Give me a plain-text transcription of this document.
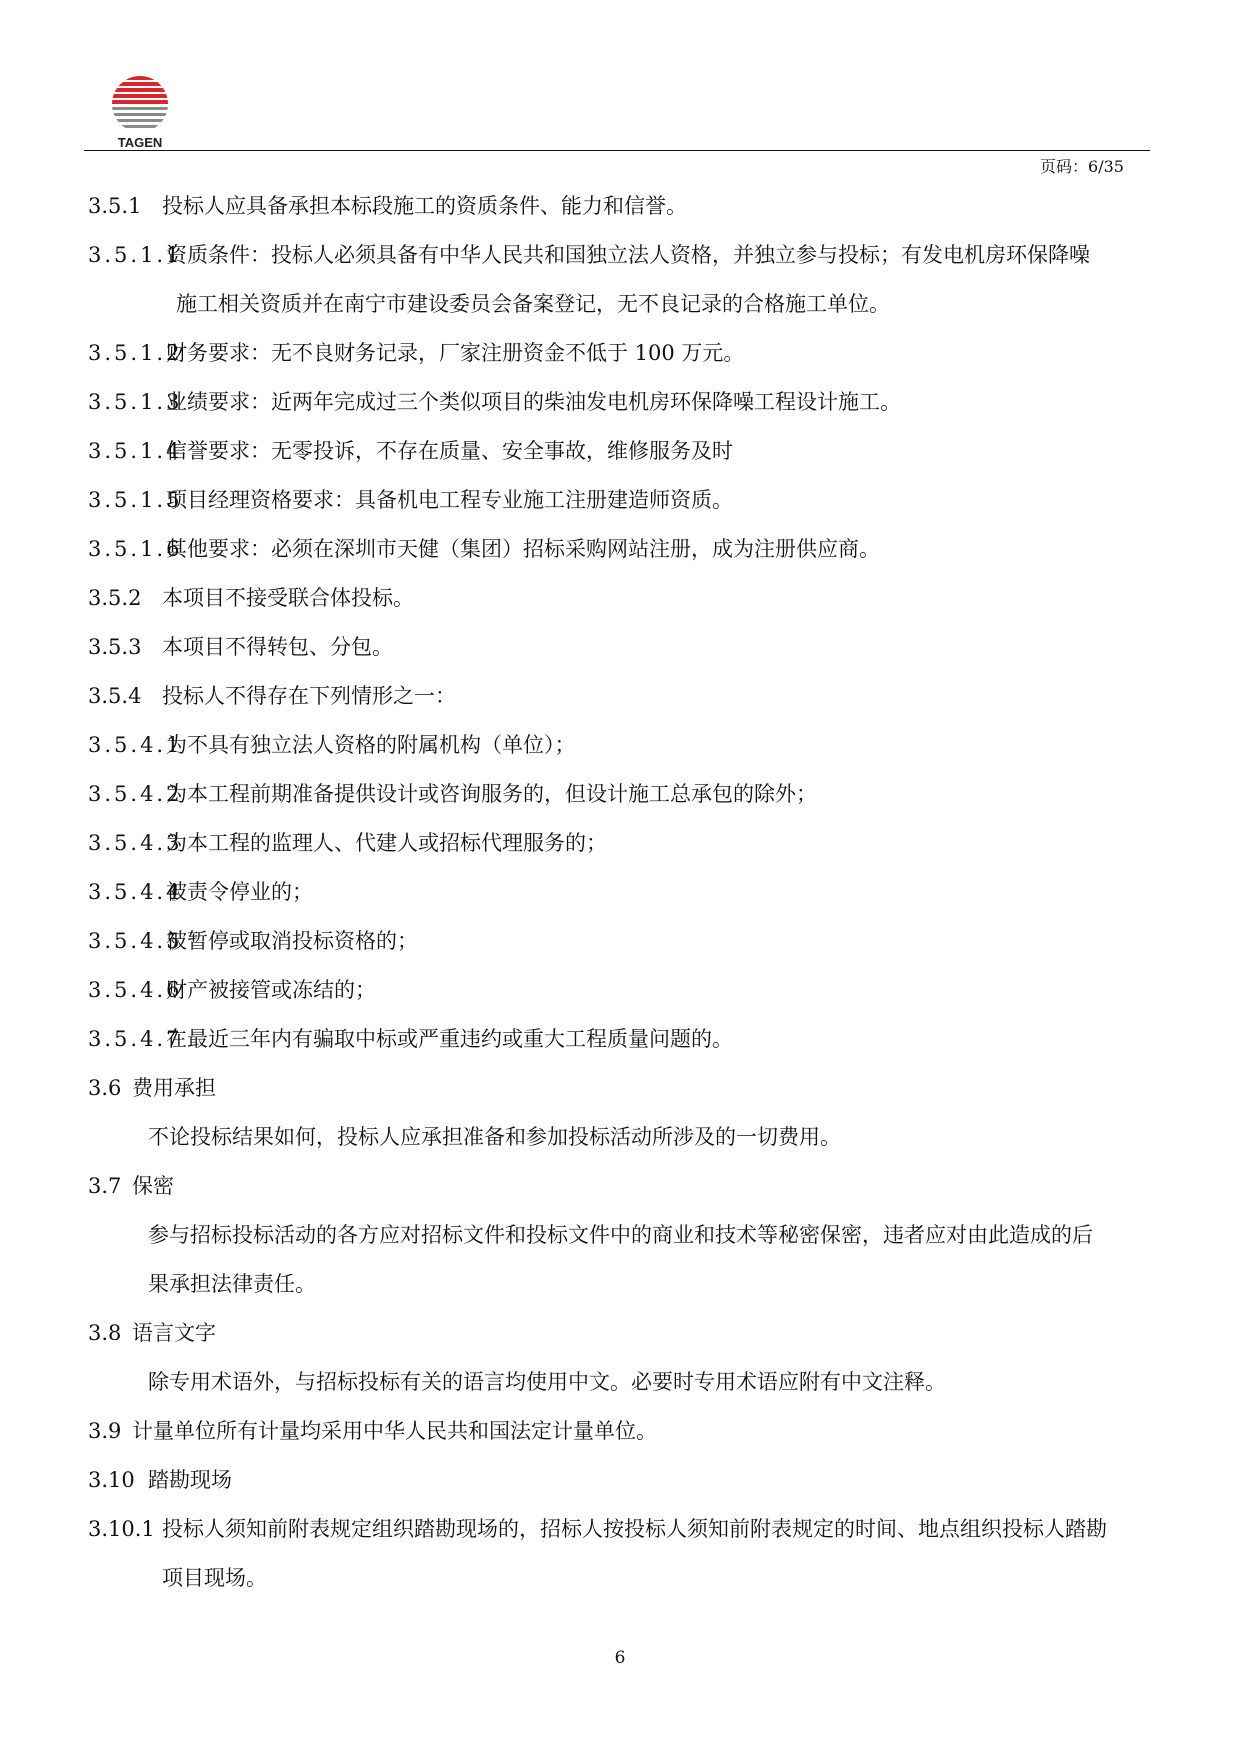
TAGEN
页码：6/35
3.5.1 投标人应具备承担本标段施工的资质条件、能力和信誉。
3.5.1.1资质条件：投标人必须具备有中华人民共和国独立法人资格，并独立参与投标；有发电机房环保降噪
施工相关资质并在南宁市建设委员会备案登记，无不良记录的合格施工单位。
3.5.1.2财务要求：无不良财务记录，厂家注册资金不低于 100 万元。
3.5.1.3业绩要求：近两年完成过三个类似项目的柴油发电机房环保降噪工程设计施工。
3.5.1.4信誉要求：无零投诉，不存在质量、安全事故，维修服务及时
3.5.1.5项目经理资格要求：具备机电工程专业施工注册建造师资质。
3.5.1.6其他要求：必须在深圳市天健（集团）招标采购网站注册，成为注册供应商。
3.5.2 本项目不接受联合体投标。
3.5.3 本项目不得转包、分包。
3.5.4 投标人不得存在下列情形之一：
3.5.4.1为不具有独立法人资格的附属机构（单位）；
3.5.4.2为本工程前期准备提供设计或咨询服务的，但设计施工总承包的除外；
3.5.4.3为本工程的监理人、代建人或招标代理服务的；
3.5.4.4被责令停业的；
3.5.4.5被暂停或取消投标资格的；
3.5.4.6财产被接管或冻结的；
3.5.4.7在最近三年内有骗取中标或严重违约或重大工程质量问题的。
3.6 费用承担
不论投标结果如何，投标人应承担准备和参加投标活动所涉及的一切费用。
3.7 保密
参与招标投标活动的各方应对招标文件和投标文件中的商业和技术等秘密保密，违者应对由此造成的后
果承担法律责任。
3.8 语言文字
除专用术语外，与招标投标有关的语言均使用中文。必要时专用术语应附有中文注释。
3.9 计量单位所有计量均采用中华人民共和国法定计量单位。
3.10 踏勘现场
3.10.1 投标人须知前附表规定组织踏勘现场的，招标人按投标人须知前附表规定的时间、地点组织投标人踏勘
项目现场。
6
